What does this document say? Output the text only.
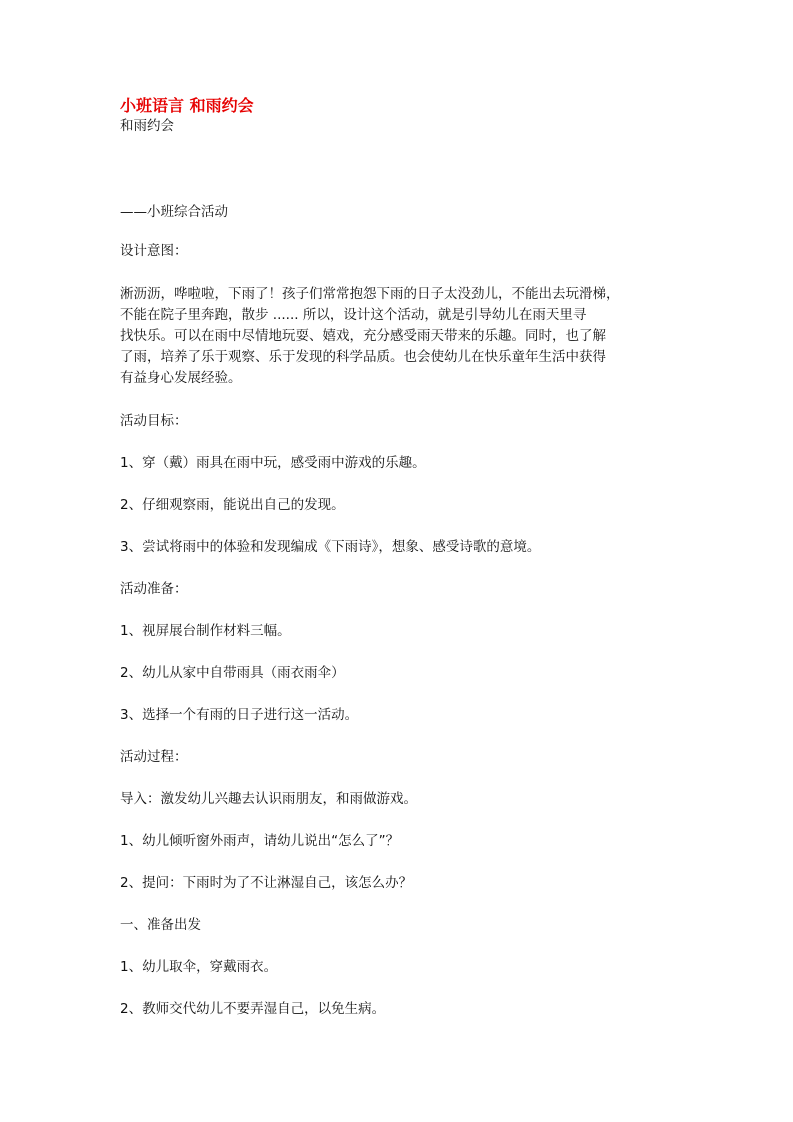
小班语言 和雨约会

和雨约会

——小班综合活动

设计意图：

淅沥沥，哗啦啦，下雨了！孩子们常常抱怨下雨的日子太没劲儿，不能出去玩滑梯，
不能在院子里奔跑，散步 ...... 所以，设计这个活动，就是引导幼儿在雨天里寻
找快乐。可以在雨中尽情地玩耍、嬉戏，充分感受雨天带来的乐趣。同时，也了解
了雨，培养了乐于观察、乐于发现的科学品质。也会使幼儿在快乐童年生活中获得
有益身心发展经验。

活动目标：

1、穿（戴）雨具在雨中玩，感受雨中游戏的乐趣。

2、仔细观察雨，能说出自己的发现。

3、尝试将雨中的体验和发现编成《下雨诗》，想象、感受诗歌的意境。

活动准备：

1、视屏展台制作材料三幅。

2、幼儿从家中自带雨具（雨衣雨伞）

3、选择一个有雨的日子进行这一活动。

活动过程：

导入：激发幼儿兴趣去认识雨朋友，和雨做游戏。

1、幼儿倾听窗外雨声，请幼儿说出“怎么了”？

2、提问：下雨时为了不让淋湿自己，该怎么办？

一、准备出发

1、幼儿取伞，穿戴雨衣。

2、教师交代幼儿不要弄湿自己，以免生病。
